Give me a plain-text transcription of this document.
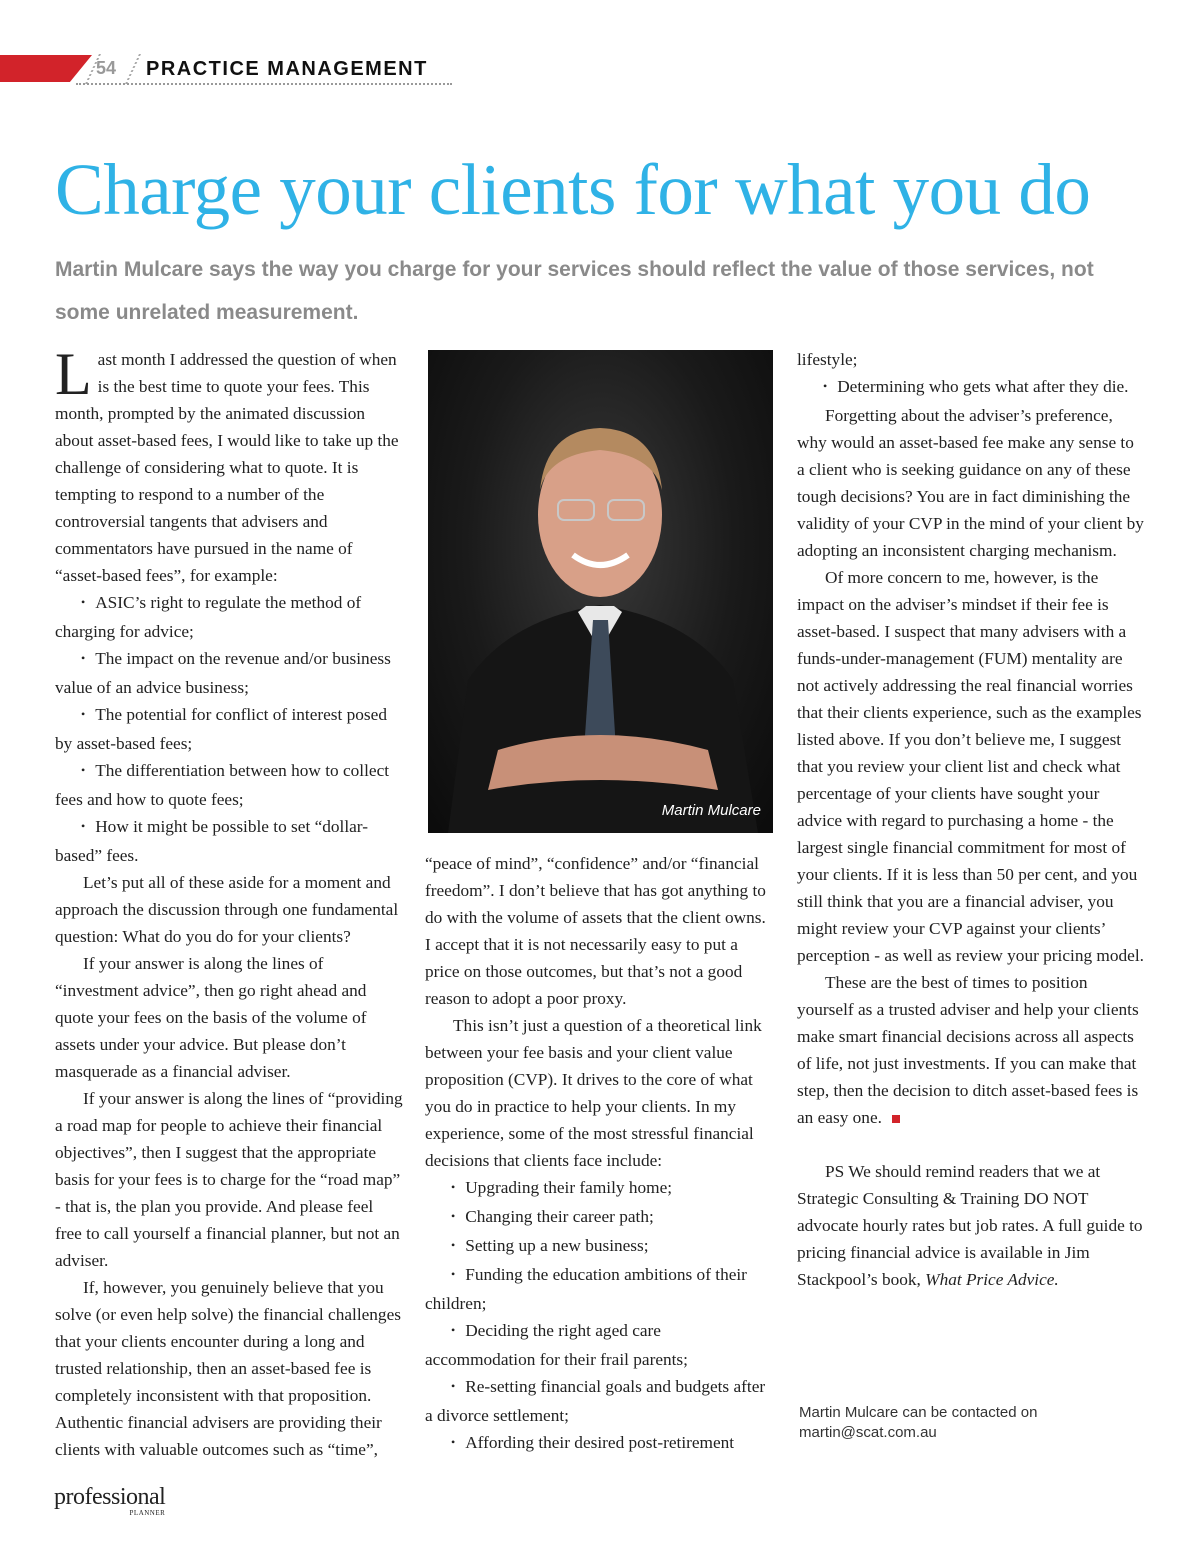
54 PRACTICE MANAGEMENT
Charge your clients for what you do

Martin Mulcare says the way you charge for your services should reflect the value of those services, not some unrelated measurement.

Last month I addressed the question of when is the best time to quote your fees. This month, prompted by the animated discussion about asset-based fees, I would like to take up the challenge of considering what to quote. It is tempting to respond to a number of the controversial tangents that advisers and commentators have pursued in the name of “asset-based fees”, for example:

• ASIC’s right to regulate the method of charging for advice;

• The impact on the revenue and/or business value of an advice business;

• The potential for conflict of interest posed by asset-based fees;

• The differentiation between how to collect fees and how to quote fees;

• How it might be possible to set “dollar-based” fees.

Let’s put all of these aside for a moment and approach the discussion through one fundamental question: What do you do for your clients?

If your answer is along the lines of “investment advice”, then go right ahead and quote your fees on the basis of the volume of assets under your advice. But please don’t masquerade as a financial adviser.

If your answer is along the lines of “providing a road map for people to achieve their financial objectives”, then I suggest that the appropriate basis for your fees is to charge for the “road map” - that is, the plan you provide. And please feel free to call yourself a financial planner, but not an adviser.

If, however, you genuinely believe that you solve (or even help solve) the financial challenges that your clients encounter during a long and trusted relationship, then an asset-based fee is completely inconsistent with that proposition. Authentic financial advisers are providing their clients with valuable outcomes such as “time”,

Martin Mulcare

“peace of mind”, “confidence” and/or “financial freedom”. I don’t believe that has got anything to do with the volume of assets that the client owns. I accept that it is not necessarily easy to put a price on those outcomes, but that’s not a good reason to adopt a poor proxy.

This isn’t just a question of a theoretical link between your fee basis and your client value proposition (CVP). It drives to the core of what you do in practice to help your clients. In my experience, some of the most stressful financial decisions that clients face include:

• Upgrading their family home;

• Changing their career path;

• Setting up a new business;

• Funding the education ambitions of their children;

• Deciding the right aged care accommodation for their frail parents;

• Re-setting financial goals and budgets after a divorce settlement;

• Affording their desired post-retirement

lifestyle;

• Determining who gets what after they die.

Forgetting about the adviser’s preference, why would an asset-based fee make any sense to a client who is seeking guidance on any of these tough decisions? You are in fact diminishing the validity of your CVP in the mind of your client by adopting an inconsistent charging mechanism.

Of more concern to me, however, is the impact on the adviser’s mindset if their fee is asset-based. I suspect that many advisers with a funds-under-management (FUM) mentality are not actively addressing the real financial worries that their clients experience, such as the examples listed above. If you don’t believe me, I suggest that you review your client list and check what percentage of your clients have sought your advice with regard to purchasing a home - the largest single financial commitment for most of your clients. If it is less than 50 per cent, and you still think that you are a financial adviser, you might review your CVP against your clients’ perception - as well as review your pricing model.

These are the best of times to position yourself as a trusted adviser and help your clients make smart financial decisions across all aspects of life, not just investments. If you can make that step, then the decision to ditch asset-based fees is an easy one.

PS We should remind readers that we at Strategic Consulting & Training DO NOT advocate hourly rates but job rates. A full guide to pricing financial advice is available in Jim Stackpool’s book, What Price Advice.

Martin Mulcare can be contacted on
martin@scat.com.au
professional
PLANNER
